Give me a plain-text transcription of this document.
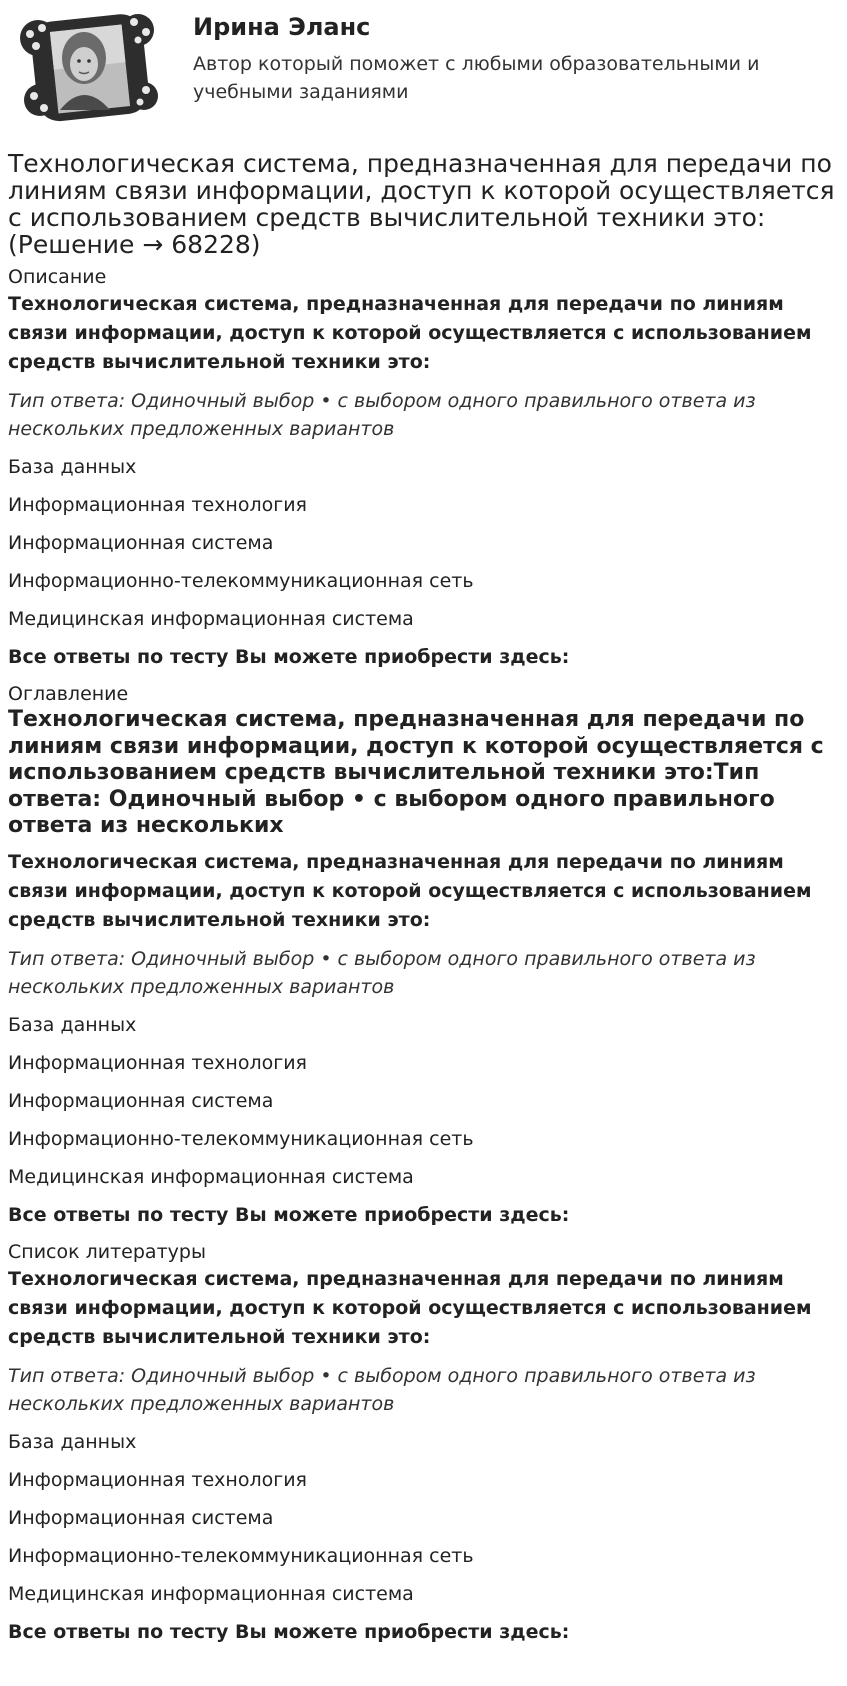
Ирина Эланс
Автор который поможет с любыми образовательными и учебными заданиями
Технологическая система, предназначенная для передачи по линиям связи информации, доступ к которой осуществляется с использованием средств вычислительной техники это: (Решение → 68228)

Описание

Технологическая система, предназначенная для передачи по линиям связи информации, доступ к которой осуществляется с использованием средств вычислительной техники это:

Тип ответа: Одиночный выбор • с выбором одного правильного ответа из нескольких предложенных вариантов

База данных

Информационная технология

Информационная система

Информационно-телекоммуникационная сеть

Медицинская информационная система

Все ответы по тесту Вы можете приобрести здесь:

Оглавление

Технологическая система, предназначенная для передачи по линиям связи информации, доступ к которой осуществляется с использованием средств вычислительной техники это:Тип ответа: Одиночный выбор • с выбором одного правильного ответа из нескольких

Технологическая система, предназначенная для передачи по линиям связи информации, доступ к которой осуществляется с использованием средств вычислительной техники это:

Тип ответа: Одиночный выбор • с выбором одного правильного ответа из нескольких предложенных вариантов

База данных

Информационная технология

Информационная система

Информационно-телекоммуникационная сеть

Медицинская информационная система

Все ответы по тесту Вы можете приобрести здесь:

Список литературы

Технологическая система, предназначенная для передачи по линиям связи информации, доступ к которой осуществляется с использованием средств вычислительной техники это:

Тип ответа: Одиночный выбор • с выбором одного правильного ответа из нескольких предложенных вариантов

База данных

Информационная технология

Информационная система

Информационно-телекоммуникационная сеть

Медицинская информационная система

Все ответы по тесту Вы можете приобрести здесь:
